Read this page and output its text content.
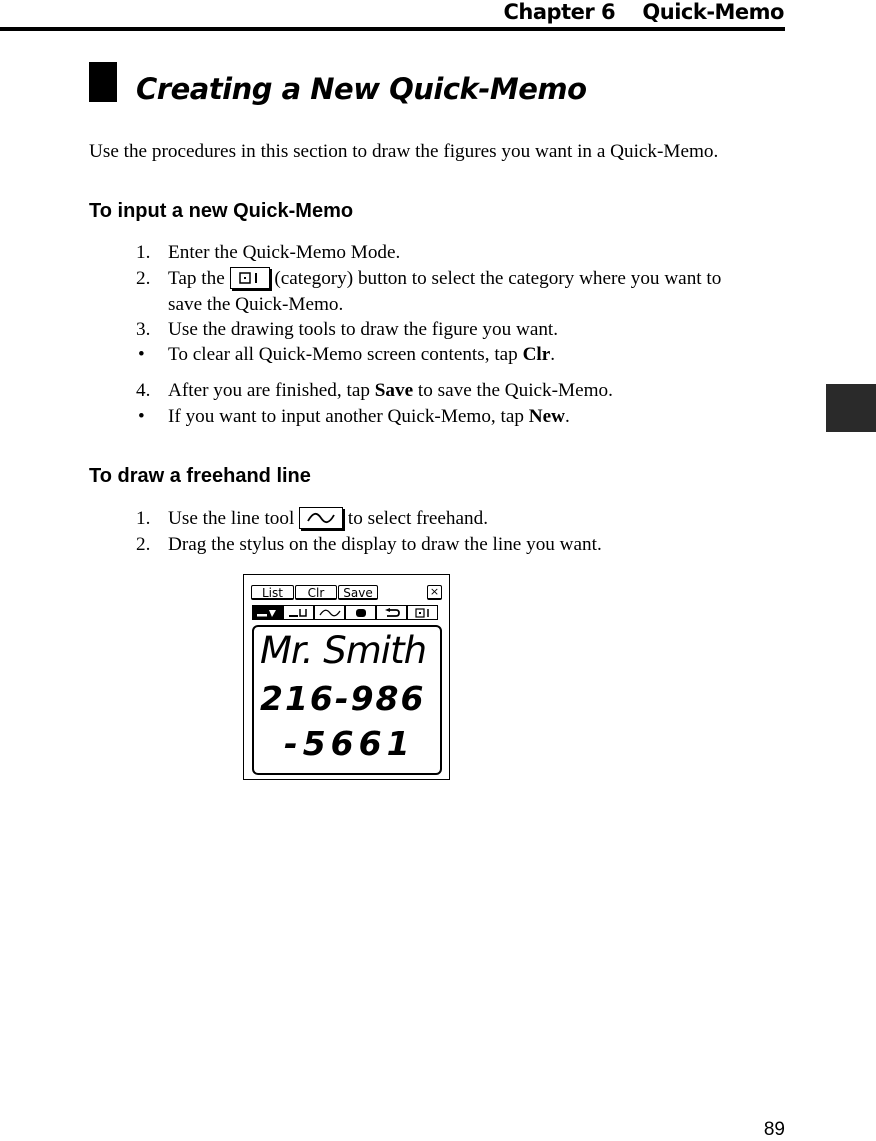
Chapter 6 Quick-Memo
Creating a New Quick-Memo
Use the procedures in this section to draw the figures you want in a Quick-Memo.
To input a new Quick-Memo
1. Enter the Quick-Memo Mode.
2. Tap the	(category) button to select the category where you want to
save the Quick-Memo.
3. Use the drawing tools to draw the figure you want.
• To clear all Quick-Memo screen contents, tap Clr.
4. After you are finished, tap Save to save the Quick-Memo.
• If you want to input another Quick-Memo, tap New.
To draw a freehand line
1. Use the line tool	to select freehand.
2. Drag the stylus on the display to draw the line you want.
List	Clr	Save	×
Mr. Smith
216-986
-5661
89
